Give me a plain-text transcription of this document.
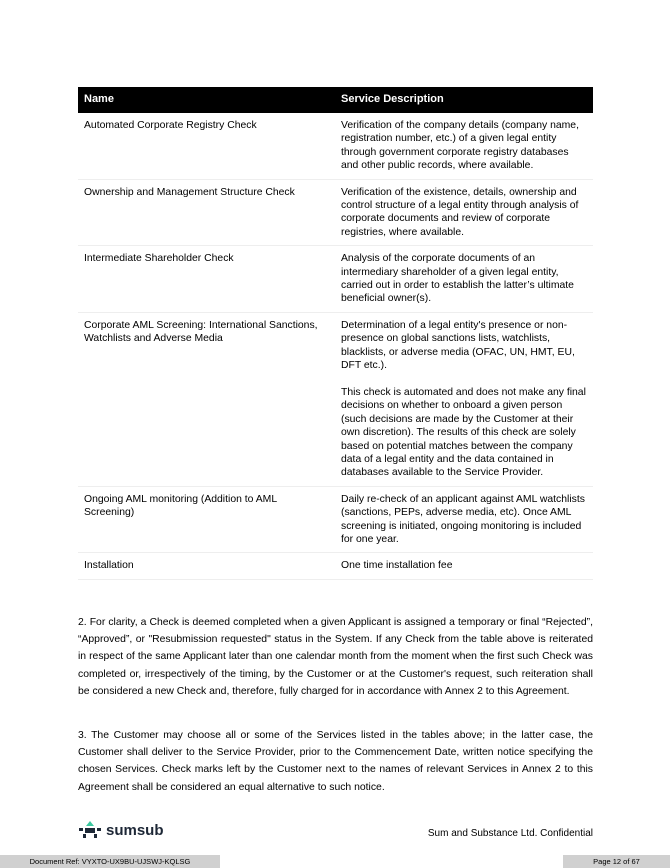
Name	Service Description
Automated Corporate Registry Check	Verification of the company details (company name, registration number, etc.) of a given legal entity through government corporate registry databases and other public records, where available.
Ownership and Management Structure Check	Verification of the existence, details, ownership and control structure of a legal entity through analysis of corporate documents and review of corporate registries, where available.
Intermediate Shareholder Check	Analysis of the corporate documents of an intermediary shareholder of a given legal entity, carried out in order to establish the latter’s ultimate beneficial owner(s).
Corporate AML Screening: International Sanctions, Watchlists and Adverse Media	Determination of a legal entity's presence or non-presence on global sanctions lists, watchlists, blacklists, or adverse media (OFAC, UN, HMT, EU, DFT etc.).
This check is automated and does not make any final decisions on whether to onboard a given person (such decisions are made by the Customer at their own discretion). The results of this check are solely based on potential matches between the company data of a legal entity and the data contained in databases available to the Service Provider.
Ongoing AML monitoring (Addition to AML Screening)	Daily re-check of an applicant against AML watchlists (sanctions, PEPs, adverse media, etc). Once AML screening is initiated, ongoing monitoring is included for one year.
Installation	One time installation fee

2. For clarity, a Check is deemed completed when a given Applicant is assigned a temporary or final “Rejected”, “Approved”, or "Resubmission requested" status in the System. If any Check from the table above is reiterated in respect of the same Applicant later than one calendar month from the moment when the first such Check was completed or, irrespectively of the timing, by the Customer or at the Customer's request, such reiteration shall be considered a new Check and, therefore, fully charged for in accordance with Annex 2 to this Agreement.

3. The Customer may choose all or some of the Services listed in the tables above; in the latter case, the Customer shall deliver to the Service Provider, prior to the Commencement Date, written notice specifying the chosen Services. Check marks left by the Customer next to the names of relevant Services in Annex 2 to this Agreement shall be considered an equal alternative to such notice.

sumsub	Sum and Substance Ltd. Confidential
Document Ref: VYXTO-UX9BU-UJSWJ-KQLSG	Page 12 of 67
